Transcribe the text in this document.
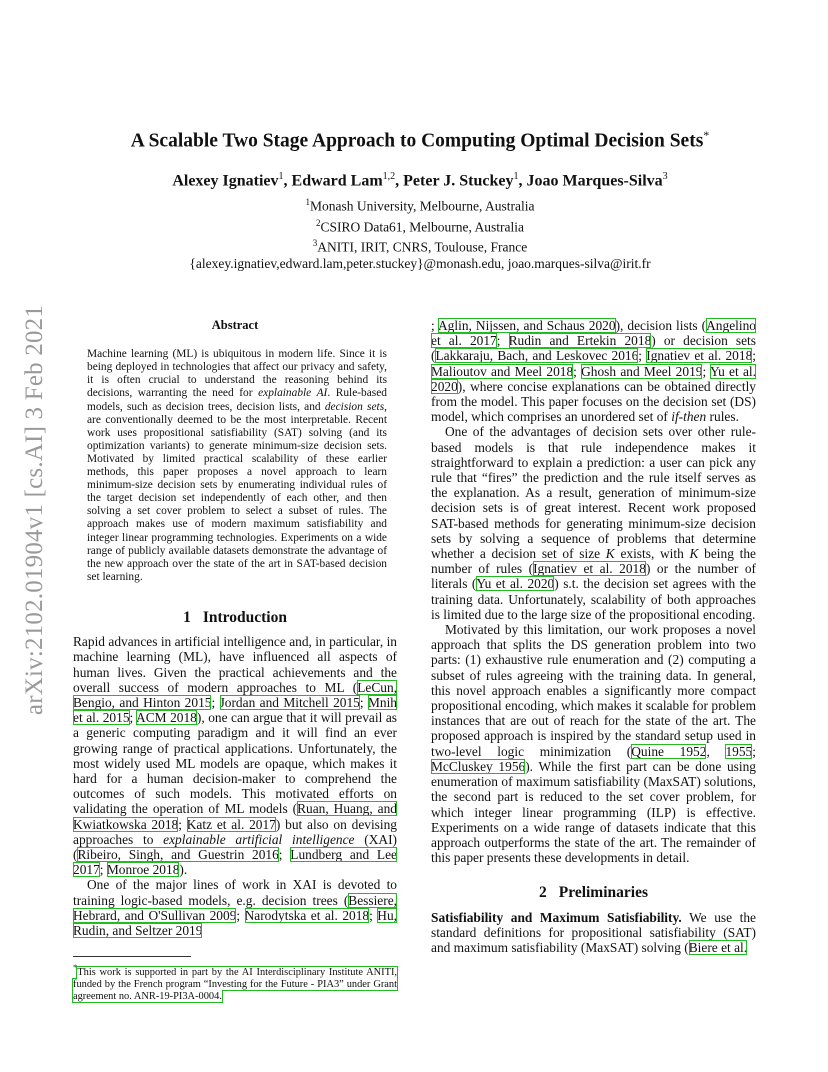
arXiv:2102.01904v1 [cs.AI] 3 Feb 2021
A Scalable Two Stage Approach to Computing Optimal Decision Sets*
Alexey Ignatiev$^1$, Edward Lam$^{1,2}$, Peter J. Stuckey$^1$, Joao Marques-Silva$^3$
$^1$Monash University, Melbourne, Australia
$^2$CSIRO Data61, Melbourne, Australia
$^3$ANITI, IRIT, CNRS, Toulouse, France
{alexey.ignatiev,edward.lam,peter.stuckey}@monash.edu, joao.marques-silva@irit.fr
Abstract

Machine learning (ML) is ubiquitous in modern life. Since it is being deployed in technologies that affect our privacy and safety, it is often crucial to understand the reasoning behind its decisions, warranting the need for explainable AI. Rule-based models, such as decision trees, decision lists, and decision sets, are conventionally deemed to be the most interpretable. Recent work uses propositional satisfiability (SAT) solving (and its optimization variants) to generate minimum-size decision sets. Motivated by limited practical scalability of these earlier methods, this paper proposes a novel approach to learn minimum-size decision sets by enumerating individual rules of the target decision set independently of each other, and then solving a set cover problem to select a subset of rules. The approach makes use of modern maximum satisfiability and integer linear programming technologies. Experiments on a wide range of publicly available datasets demonstrate the advantage of the new approach over the state of the art in SAT-based decision set learning.

1 Introduction

Rapid advances in artificial intelligence and, in particular, in machine learning (ML), have influenced all aspects of human lives. Given the practical achievements and the overall success of modern approaches to ML (LeCun, Bengio, and Hinton 2015; Jordan and Mitchell 2015; Mnih et al. 2015; ACM 2018), one can argue that it will prevail as a generic computing paradigm and it will find an ever growing range of practical applications. Unfortunately, the most widely used ML models are opaque, which makes it hard for a human decision-maker to comprehend the outcomes of such models. This motivated efforts on validating the operation of ML models (Ruan, Huang, and Kwiatkowska 2018; Katz et al. 2017) but also on devising approaches to explainable artificial intelligence (XAI) (Ribeiro, Singh, and Guestrin 2016; Lundberg and Lee 2017; Monroe 2018).

One of the major lines of work in XAI is devoted to training logic-based models, e.g. decision trees (Bessiere, Hebrard, and O'Sullivan 2009; Narodytska et al. 2018; Hu, Rudin, and Seltzer 2019

*This work is supported in part by the AI Interdisciplinary Institute ANITI, funded by the French program “Investing for the Future - PIA3” under Grant agreement no. ANR-19-PI3A-0004.

; Aglin, Nijssen, and Schaus 2020), decision lists (Angelino et al. 2017; Rudin and Ertekin 2018) or decision sets (Lakkaraju, Bach, and Leskovec 2016; Ignatiev et al. 2018; Malioutov and Meel 2018; Ghosh and Meel 2019; Yu et al. 2020), where concise explanations can be obtained directly from the model. This paper focuses on the decision set (DS) model, which comprises an unordered set of if-then rules.

One of the advantages of decision sets over other rule-based models is that rule independence makes it straightforward to explain a prediction: a user can pick any rule that “fires” the prediction and the rule itself serves as the explanation. As a result, generation of minimum-size decision sets is of great interest. Recent work proposed SAT-based methods for generating minimum-size decision sets by solving a sequence of problems that determine whether a decision set of size K exists, with K being the number of rules (Ignatiev et al. 2018) or the number of literals (Yu et al. 2020) s.t. the decision set agrees with the training data. Unfortunately, scalability of both approaches is limited due to the large size of the propositional encoding.

Motivated by this limitation, our work proposes a novel approach that splits the DS generation problem into two parts: (1) exhaustive rule enumeration and (2) computing a subset of rules agreeing with the training data. In general, this novel approach enables a significantly more compact propositional encoding, which makes it scalable for problem instances that are out of reach for the state of the art. The proposed approach is inspired by the standard setup used in two-level logic minimization (Quine 1952, 1955; McCluskey 1956). While the first part can be done using enumeration of maximum satisfiability (MaxSAT) solutions, the second part is reduced to the set cover problem, for which integer linear programming (ILP) is effective. Experiments on a wide range of datasets indicate that this approach outperforms the state of the art. The remainder of this paper presents these developments in detail.

2 Preliminaries

Satisfiability and Maximum Satisfiability. We use the standard definitions for propositional satisfiability (SAT) and maximum satisfiability (MaxSAT) solving (Biere et al.
